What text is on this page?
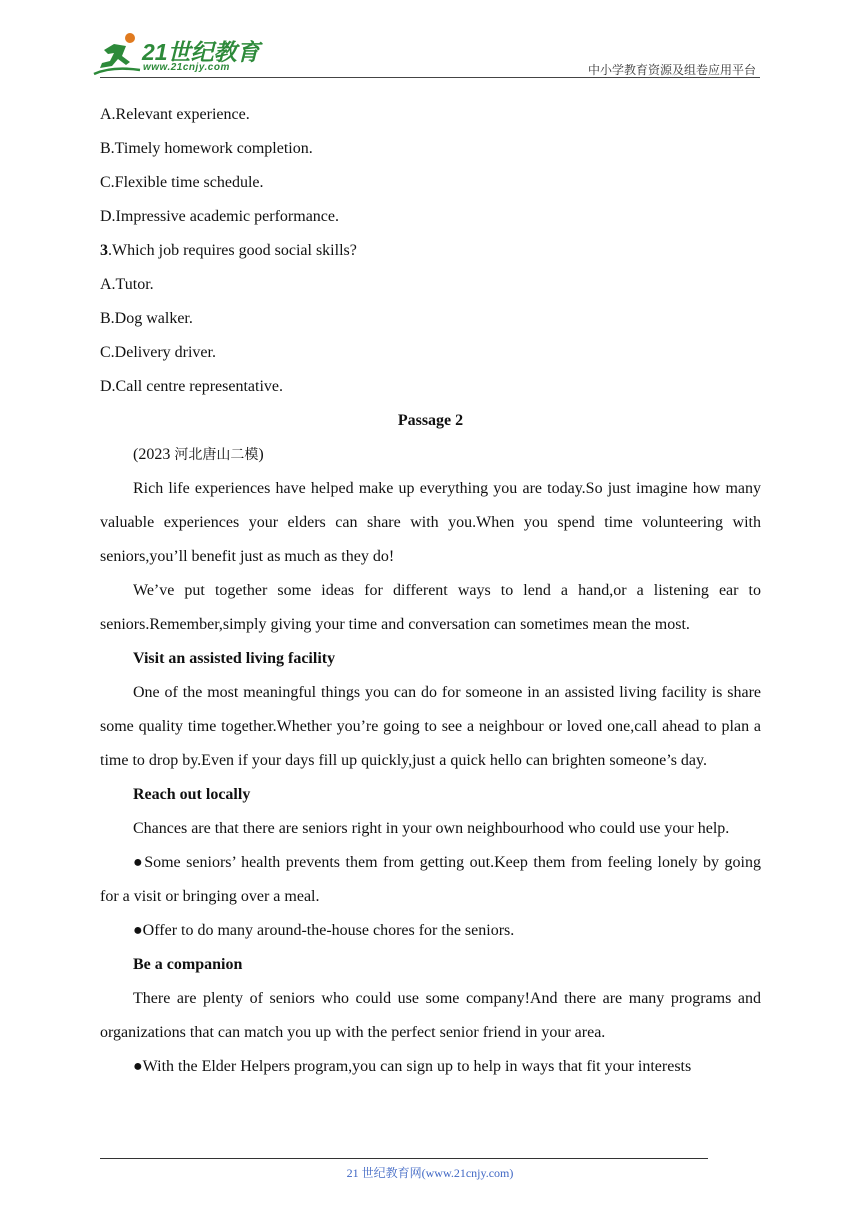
21世纪教育
www.21cnjy.com	中小学教育资源及组卷应用平台

A.Relevant experience.

B.Timely homework completion.

C.Flexible time schedule.

D.Impressive academic performance.

3.Which job requires good social skills?

A.Tutor.

B.Dog walker.

C.Delivery driver.

D.Call centre representative.

Passage 2

(2023 河北唐山二模)

Rich life experiences have helped make up everything you are today.So just imagine how many valuable experiences your elders can share with you.When you spend time volunteering with seniors,you’ll benefit just as much as they do!

We’ve put together some ideas for different ways to lend a hand,or a listening ear to seniors.Remember,simply giving your time and conversation can sometimes mean the most.

Visit an assisted living facility

One of the most meaningful things you can do for someone in an assisted living facility is share some quality time together.Whether you’re going to see a neighbour or loved one,call ahead to plan a time to drop by.Even if your days fill up quickly,just a quick hello can brighten someone’s day.

Reach out locally

Chances are that there are seniors right in your own neighbourhood who could use your help.

●Some seniors’ health prevents them from getting out.Keep them from feeling lonely by going for a visit or bringing over a meal.

●Offer to do many around-the-house chores for the seniors.

Be a companion

There are plenty of seniors who could use some company!And there are many programs and organizations that can match you up with the perfect senior friend in your area.

●With the Elder Helpers program,you can sign up to help in ways that fit your interests

21 世纪教育网(www.21cnjy.com)
